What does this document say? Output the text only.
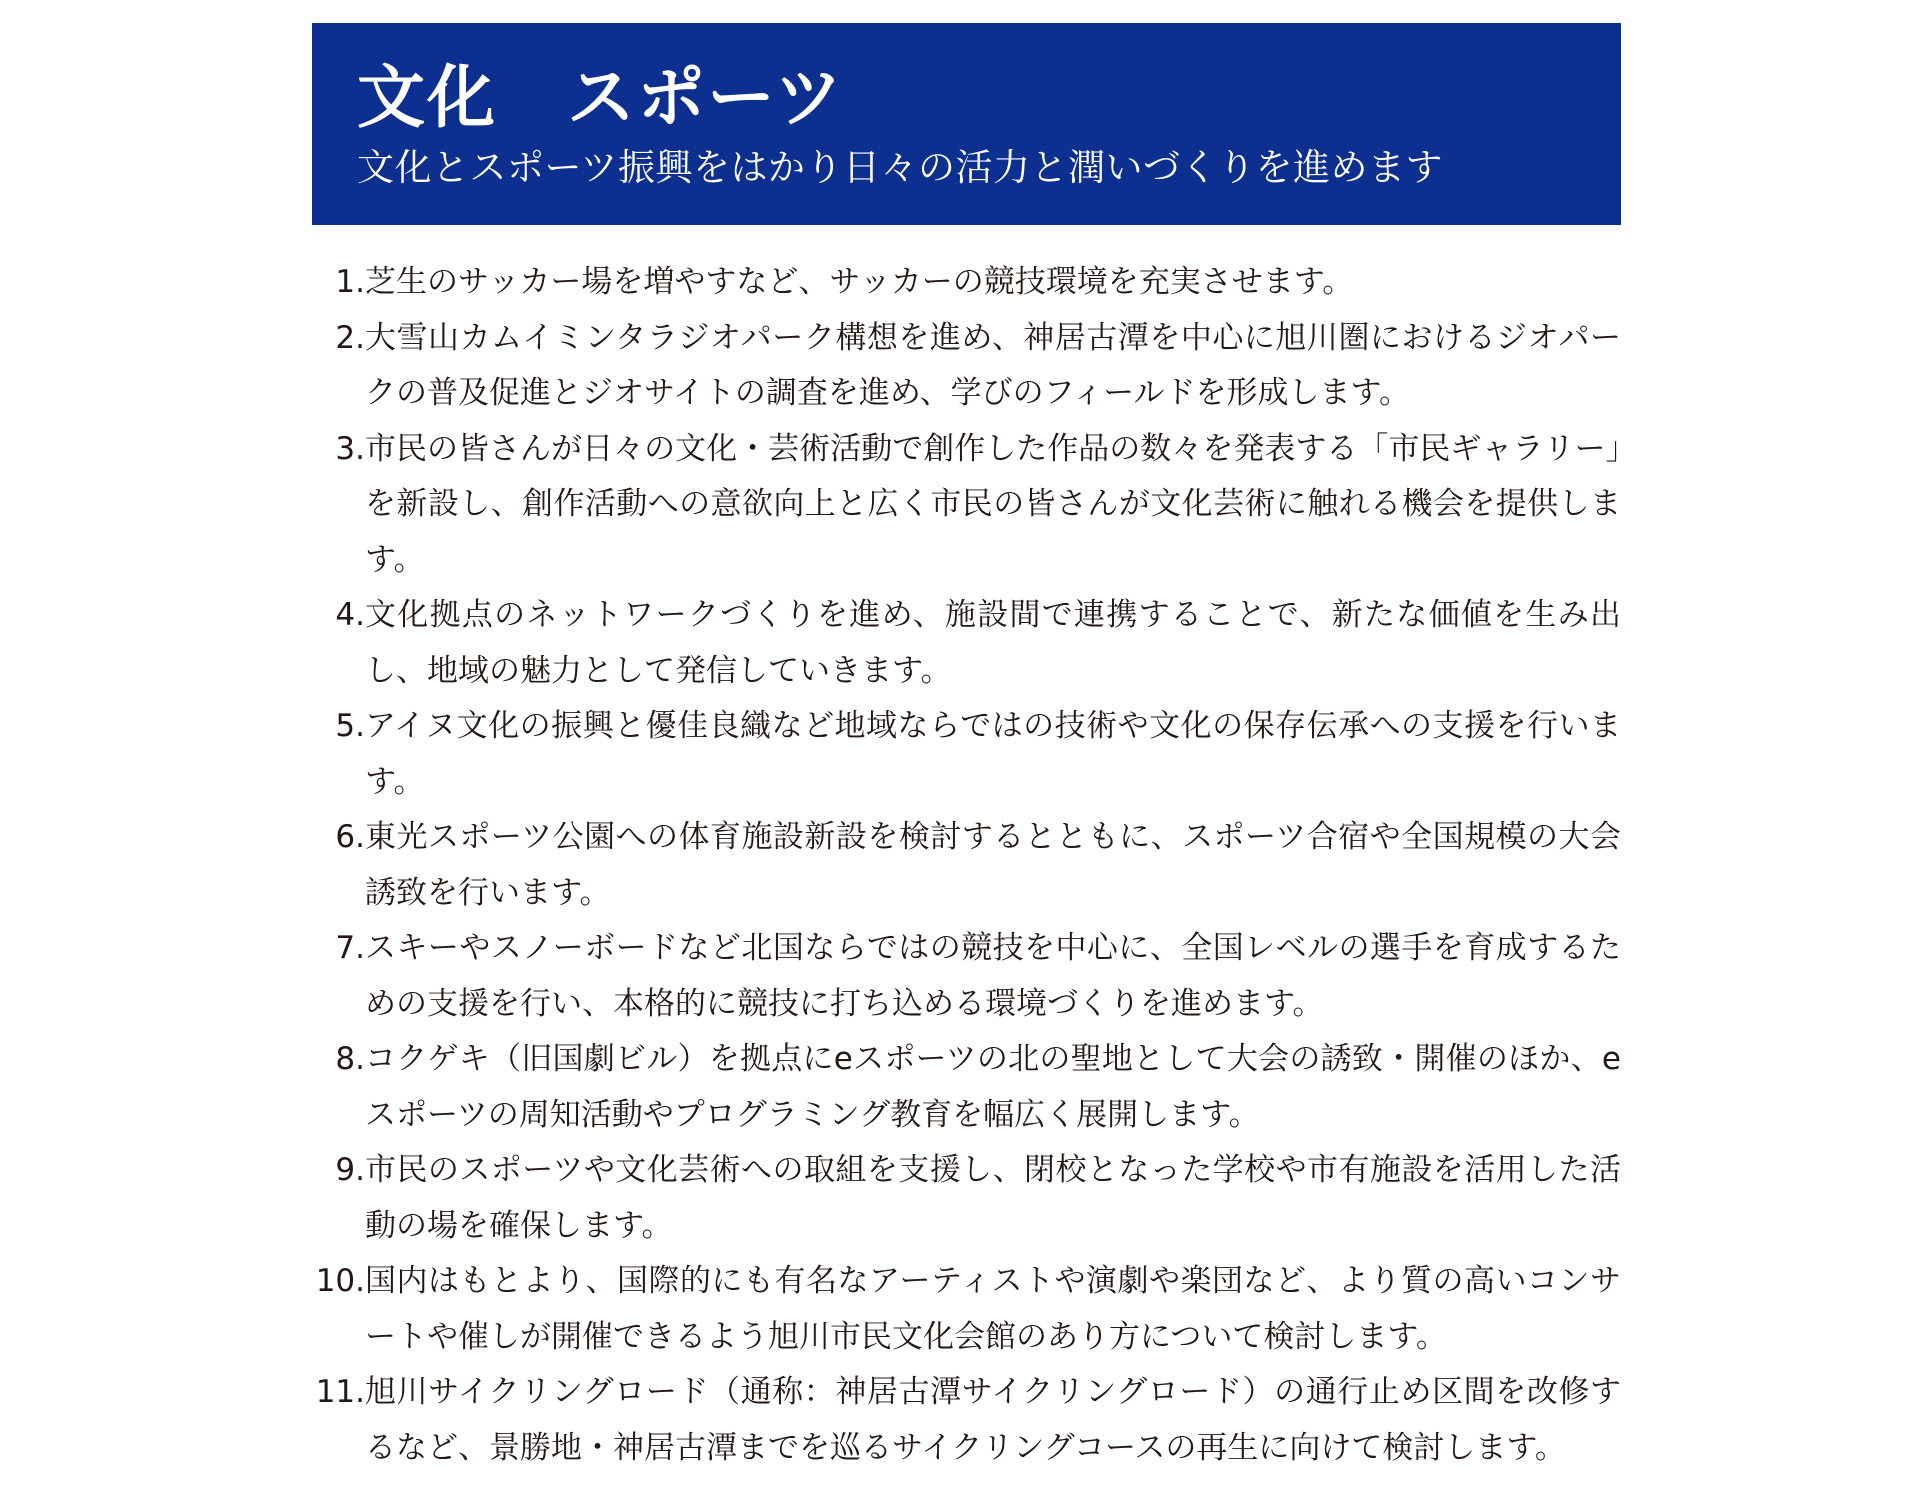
文化　スポーツ

文化とスポーツ振興をはかり日々の活力と潤いづくりを進めます

1. 芝生のサッカー場を増やすなど、サッカーの競技環境を充実させます。
2. 大雪山カムイミンタラジオパーク構想を進め、神居古潭を中心に旭川圏におけるジオパークの普及促進とジオサイトの調査を進め、学びのフィールドを形成します。
3. 市民の皆さんが日々の文化・芸術活動で創作した作品の数々を発表する「市民ギャラリー」を新設し、創作活動への意欲向上と広く市民の皆さんが文化芸術に触れる機会を提供します。
4. 文化拠点のネットワークづくりを進め、施設間で連携することで、新たな価値を生み出し、地域の魅力として発信していきます。
5. アイヌ文化の振興と優佳良織など地域ならではの技術や文化の保存伝承への支援を行います。
6. 東光スポーツ公園への体育施設新設を検討するとともに、スポーツ合宿や全国規模の大会誘致を行います。
7. スキーやスノーボードなど北国ならではの競技を中心に、全国レベルの選手を育成するための支援を行い、本格的に競技に打ち込める環境づくりを進めます。
8. コクゲキ（旧国劇ビル）を拠点にeスポーツの北の聖地として大会の誘致・開催のほか、eスポーツの周知活動やプログラミング教育を幅広く展開します。
9. 市民のスポーツや文化芸術への取組を支援し、閉校となった学校や市有施設を活用した活動の場を確保します。
10. 国内はもとより、国際的にも有名なアーティストや演劇や楽団など、より質の高いコンサートや催しが開催できるよう旭川市民文化会館のあり方について検討します。
11. 旭川サイクリングロード（通称：神居古潭サイクリングロード）の通行止め区間を改修するなど、景勝地・神居古潭までを巡るサイクリングコースの再生に向けて検討します。
